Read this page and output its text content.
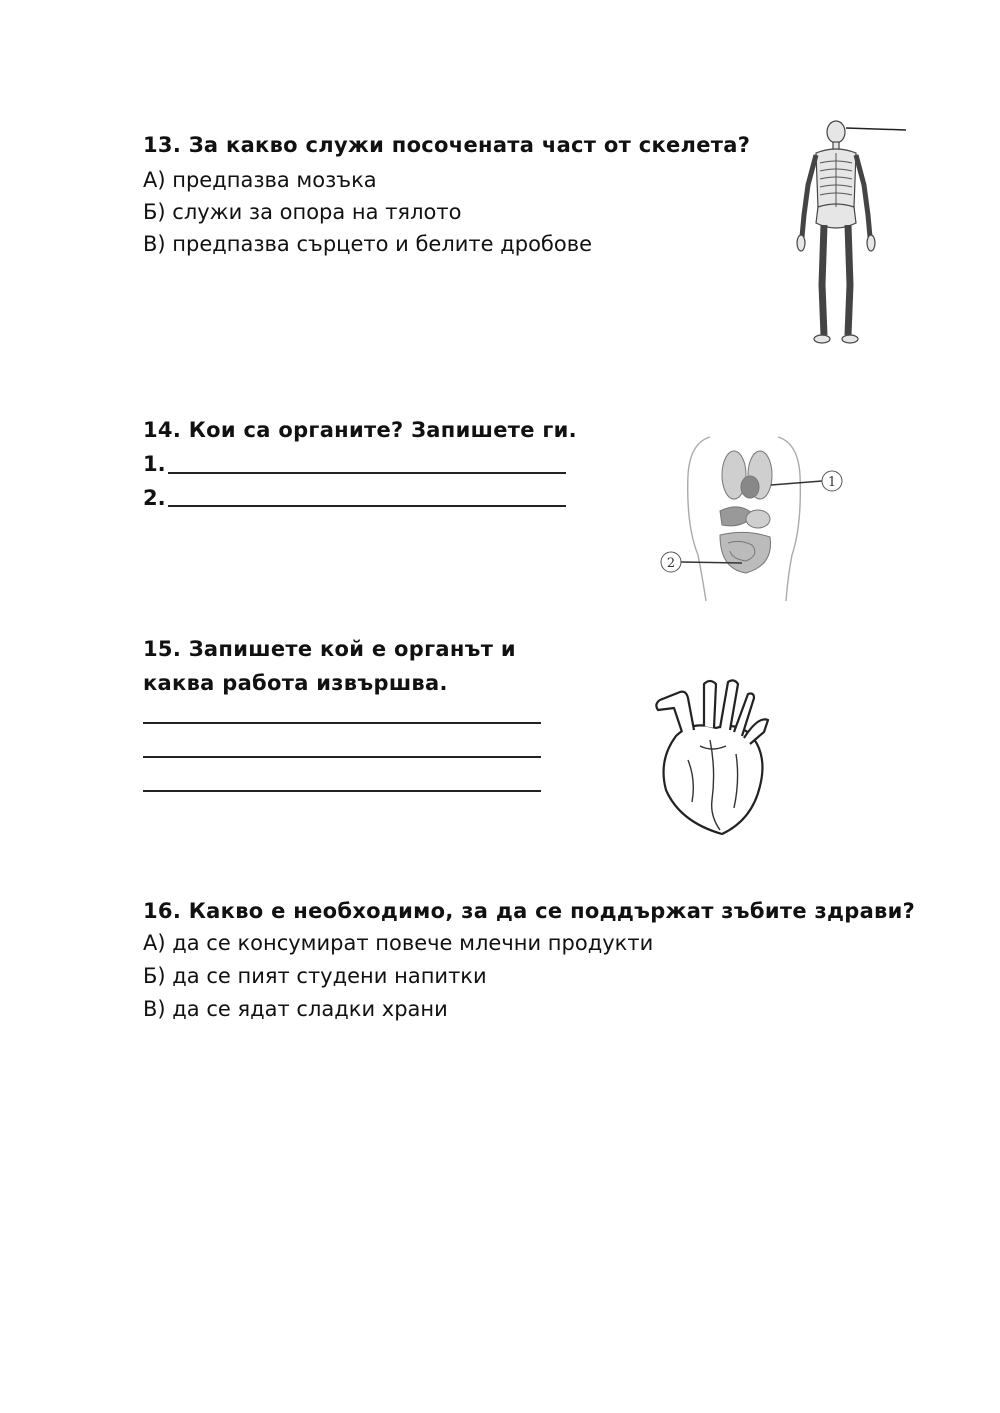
13. За какво служи посочената част от скелета?
А) предпазва мозъка
Б) служи за опора на тялото
В) предпазва сърцето и белите дробове
14. Кои са органите? Запишете ги.
1.
2.
1
2
15. Запишете кой е органът и
каква работа извършва.
16. Какво е необходимо, за да се поддържат зъбите здрави?
А) да се консумират повече млечни продукти
Б) да се пият студени напитки
В) да се ядат сладки храни
